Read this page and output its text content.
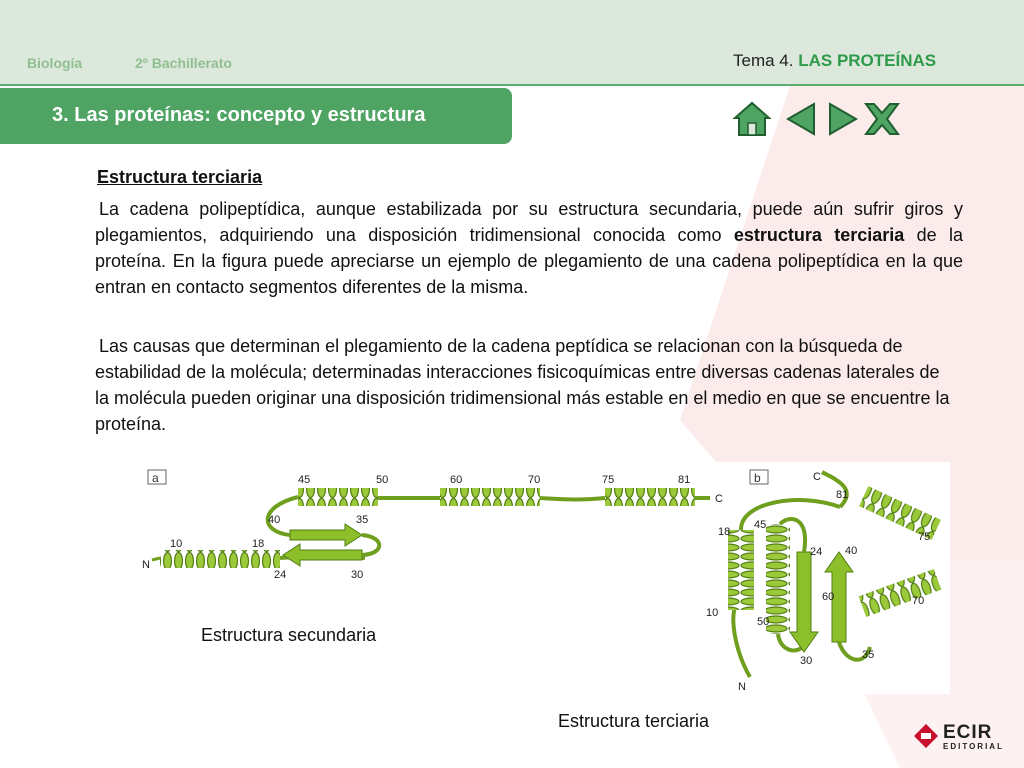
Biología	2º Bachillerato	Tema 4. LAS PROTEÍNAS
3. Las proteínas: concepto y estructura
Estructura terciaria
La cadena polipeptídica, aunque estabilizada por su estructura secundaria, puede aún sufrir giros y plegamientos, adquiriendo una disposición tridimensional conocida como estructura terciaria de la proteína. En la figura puede apreciarse un ejemplo de plegamiento de una cadena polipeptídica en la que entran en contacto segmentos diferentes de la misma.
Las causas que determinan el plegamiento de la cadena peptídica se relacionan con la búsqueda de estabilidad de la molécula; determinadas interacciones fisicoquímicas entre diversas cadenas laterales de la molécula pueden originar una disposición tridimensional más estable en el medio en que se encuentre la proteína.
a
N
10	18
24	30
35
40
45	50	60	70	75	81
C
b	C
81
75
45
18
24 40
60	70
10
50
30	35
N
Estructura secundaria
Estructura terciaria
ECIR
EDITORIAL
